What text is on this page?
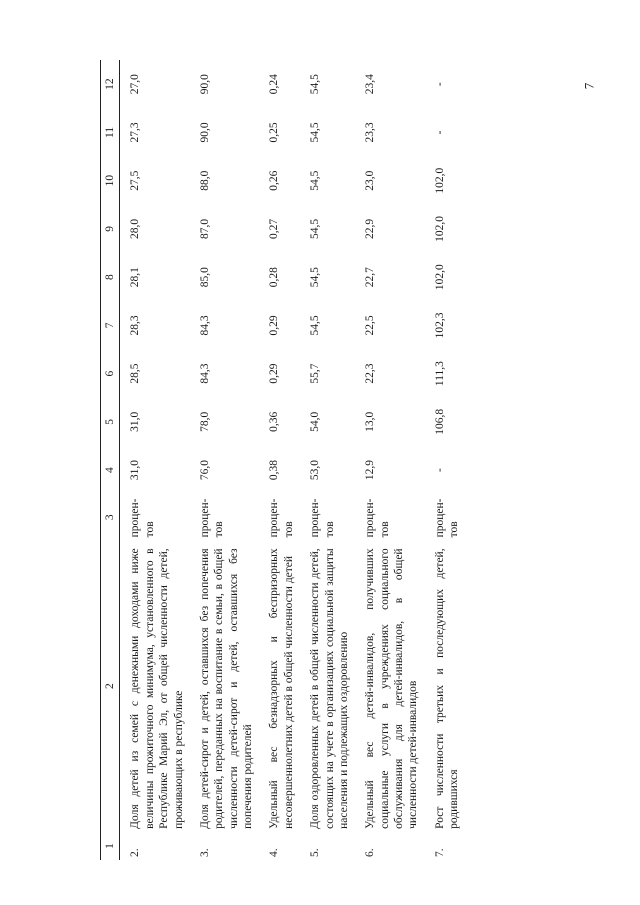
7
1	2	3	4	5	6	7	8	9	10	11	12
2.	Доля детей из семей с денежными доходами ниже величины прожиточного минимума, установленного в Республике Марий Эл, от общей численности детей, проживающих в республике	процен-тов	31,0	31,0	28,5	28,3	28,1	28,0	27,5	27,3	27,0
3.	Доля детей-сирот и детей, оставшихся без попечения родителей, переданных на воспитание в семьи, в общей численности детей-сирот и детей, оставшихся без попечения родителей	процен-тов	76,0	78,0	84,3	84,3	85,0	87,0	88,0	90,0	90,0
4.	Удельный вес безнадзорных и беспризорных несовершеннолетних детей в общей численности детей	процен-тов	0,38	0,36	0,29	0,29	0,28	0,27	0,26	0,25	0,24
5.	Доля оздоровленных детей в общей численности детей, состоящих на учете в организациях социальной защиты населения и подлежащих оздоровлению	процен-тов	53,0	54,0	55,7	54,5	54,5	54,5	54,5	54,5	54,5
6.	Удельный вес детей-инвалидов, получивших социальные услуги в учреждениях социального обслуживания для детей-инвалидов, в общей численности детей-инвалидов	процен-тов	12,9	13,0	22,3	22,5	22,7	22,9	23,0	23,3	23,4
7.	Рост численности третьих и последующих детей, родившихся	процен-тов	-	106,8	111,3	102,3	102,0	102,0	102,0	-	-
